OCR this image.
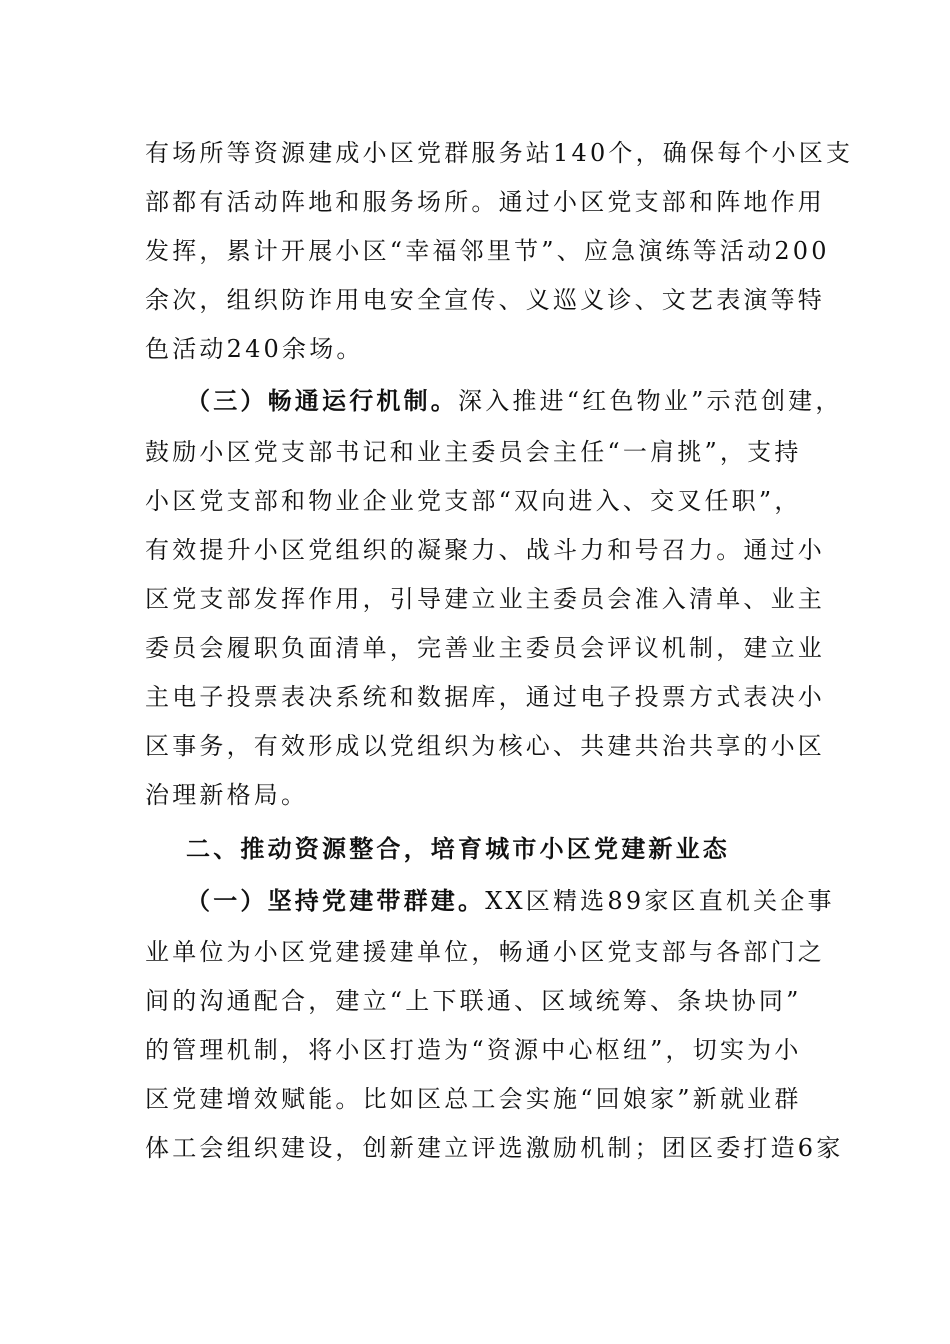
有场所等资源建成小区党群服务站140个，确保每个小区支
部都有活动阵地和服务场所。通过小区党支部和阵地作用
发挥，累计开展小区“幸福邻里节”、应急演练等活动200
余次，组织防诈用电安全宣传、义巡义诊、文艺表演等特
色活动240余场。
（三）畅通运行机制。深入推进“红色物业”示范创建，
鼓励小区党支部书记和业主委员会主任“一肩挑”，支持
小区党支部和物业企业党支部“双向进入、交叉任职”，
有效提升小区党组织的凝聚力、战斗力和号召力。通过小
区党支部发挥作用，引导建立业主委员会准入清单、业主
委员会履职负面清单，完善业主委员会评议机制，建立业
主电子投票表决系统和数据库，通过电子投票方式表决小
区事务，有效形成以党组织为核心、共建共治共享的小区
治理新格局。
二、推动资源整合，培育城市小区党建新业态
（一）坚持党建带群建。XX区精选89家区直机关企事
业单位为小区党建援建单位，畅通小区党支部与各部门之
间的沟通配合，建立“上下联通、区域统筹、条块协同”
的管理机制，将小区打造为“资源中心枢纽”，切实为小
区党建增效赋能。比如区总工会实施“回娘家”新就业群
体工会组织建设，创新建立评选激励机制；团区委打造6家
